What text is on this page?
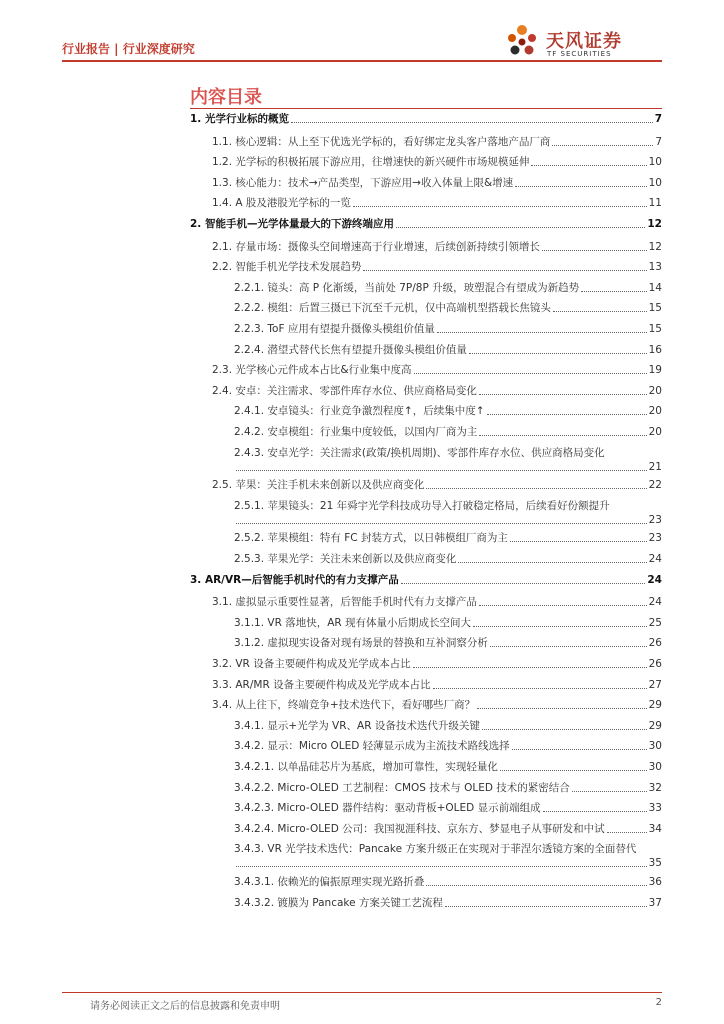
行业报告 | 行业深度研究	天风证券
TF SECURITIES
内容目录
1. 光学行业标的概览	7
1.1. 核心逻辑：从上至下优选光学标的，看好绑定龙头客户落地产品厂商	7
1.2. 光学标的积极拓展下游应用，往增速快的新兴硬件市场规模延伸	10
1.3. 核心能力：技术→产品类型，下游应用→收入体量上限&增速	10
1.4. A 股及港股光学标的一览	11
2. 智能手机—光学体量最大的下游终端应用	12
2.1. 存量市场：摄像头空间增速高于行业增速，后续创新持续引领增长	12
2.2. 智能手机光学技术发展趋势	13
2.2.1. 镜头：高 P 化渐缓，当前处 7P/8P 升级，玻塑混合有望成为新趋势	14
2.2.2. 模组：后置三摄已下沉至千元机，仅中高端机型搭载长焦镜头	15
2.2.3. ToF 应用有望提升摄像头模组价值量	15
2.2.4. 潜望式替代长焦有望提升摄像头模组价值量	16
2.3. 光学核心元件成本占比&行业集中度高	19
2.4. 安卓：关注需求、零部件库存水位、供应商格局变化	20
2.4.1. 安卓镜头：行业竞争激烈程度↑，后续集中度↑	20
2.4.2. 安卓模组：行业集中度较低，以国内厂商为主	20
2.4.3. 安卓光学：关注需求(政策/换机周期)、零部件库存水位、供应商格局变化
21
2.5. 苹果：关注手机未来创新以及供应商变化	22
2.5.1. 苹果镜头：21 年舜宇光学科技成功导入打破稳定格局，后续看好份额提升
23
2.5.2. 苹果模组：特有 FC 封装方式，以日韩模组厂商为主	23
2.5.3. 苹果光学：关注未来创新以及供应商变化	24
3. AR/VR—后智能手机时代的有力支撑产品	24
3.1. 虚拟显示重要性显著，后智能手机时代有力支撑产品	24
3.1.1. VR 落地快，AR 现有体量小后期成长空间大	25
3.1.2. 虚拟现实设备对现有场景的替换和互补洞察分析	26
3.2. VR 设备主要硬件构成及光学成本占比	26
3.3. AR/MR 设备主要硬件构成及光学成本占比	27
3.4. 从上往下，终端竞争+技术迭代下，看好哪些厂商？	29
3.4.1. 显示+光学为 VR、AR 设备技术迭代升级关键	29
3.4.2. 显示：Micro OLED 轻薄显示成为主流技术路线选择	30
3.4.2.1. 以单晶硅芯片为基底，增加可靠性，实现轻量化	30
3.4.2.2. Micro-OLED 工艺制程：CMOS 技术与 OLED 技术的紧密结合	32
3.4.2.3. Micro-OLED 器件结构：驱动背板+OLED 显示前端组成	33
3.4.2.4. Micro-OLED 公司：我国视涯科技、京东方、梦显电子从事研发和中试	34
3.4.3. VR 光学技术迭代：Pancake 方案升级正在实现对于菲涅尔透镜方案的全面替代
35
3.4.3.1. 依赖光的偏振原理实现光路折叠	36
3.4.3.2. 镀膜为 Pancake 方案关键工艺流程	37
请务必阅读正文之后的信息披露和免责申明	2
